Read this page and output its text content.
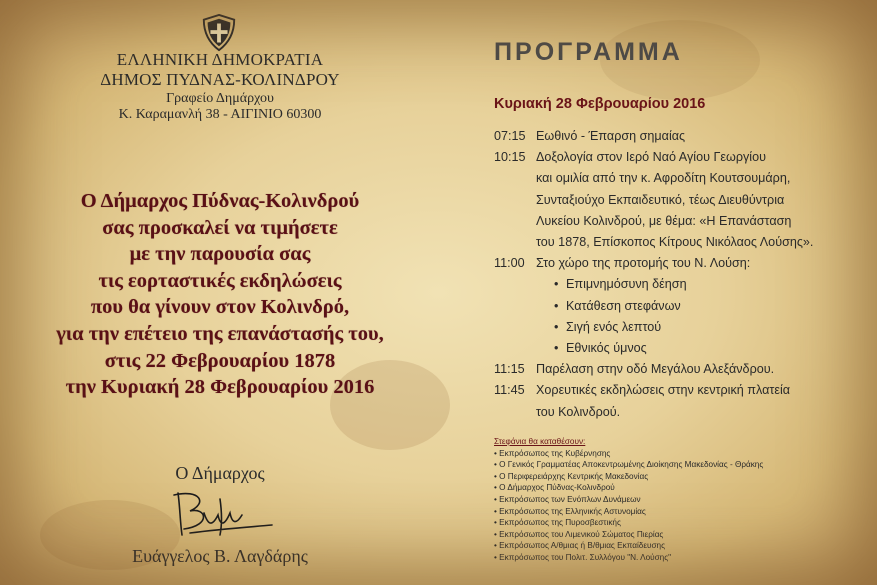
ΕΛΛΗΝΙΚΗ ΔΗΜΟΚΡΑΤΙΑ
ΔΗΜΟΣ ΠΥΔΝΑΣ-ΚΟΛΙΝΔΡΟΥ
Γραφείο Δημάρχου
Κ. Καραμανλή 38 - ΑΙΓΙΝΙΟ 60300
Ο Δήμαρχος Πύδνας-Κολινδρού
σας προσκαλεί να τιμήσετε
με την παρουσία σας
τις εορταστικές εκδηλώσεις
που θα γίνουν στον Κολινδρό,
για την επέτειο της επανάστασής του,
στις 22 Φεβρουαρίου 1878
την Κυριακή 28 Φεβρουαρίου 2016
Ο Δήμαρχος
Ευάγγελος Β. Λαγδάρης
ΠΡΟΓΡΑΜΜΑ
Κυριακή 28 Φεβρουαρίου 2016
07:15 Εωθινό - Έπαρση σημαίας
10:15 Δοξολογία στον Ιερό Ναό Αγίου Γεωργίου
και ομιλία από την κ. Αφροδίτη Κουτσουμάρη,
Συνταξιούχο Εκπαιδευτικό, τέως Διευθύντρια
Λυκείου Κολινδρού, με θέμα: «Η Επανάσταση
του 1878, Επίσκοπος Κίτρους Νικόλαος Λούσης».
11:00 Στο χώρο της προτομής του Ν. Λούση:
• Επιμνημόσυνη δέηση
• Κατάθεση στεφάνων
• Σιγή ενός λεπτού
• Εθνικός ύμνος
11:15 Παρέλαση στην οδό Μεγάλου Αλεξάνδρου.
11:45 Χορευτικές εκδηλώσεις στην κεντρική πλατεία
του Κολινδρού.
Στεφάνια θα καταθέσουν:
• Εκπρόσωπος της Κυβέρνησης
• Ο Γενικός Γραμματέας Αποκεντρωμένης Διοίκησης Μακεδονίας - Θράκης
• Ο Περιφερειάρχης Κεντρικής Μακεδονίας
• Ο Δήμαρχος Πύδνας-Κολινδρού
• Εκπρόσωπος των Ενόπλων Δυνάμεων
• Εκπρόσωπος της Ελληνικής Αστυνομίας
• Εκπρόσωπος της Πυροσβεστικής
• Εκπρόσωπος του Λιμενικού Σώματος Πιερίας
• Εκπρόσωπος Α/θμιας ή Β/θμιας Εκπαίδευσης
• Εκπρόσωπος του Πολιτ. Συλλόγου "Ν. Λούσης"
